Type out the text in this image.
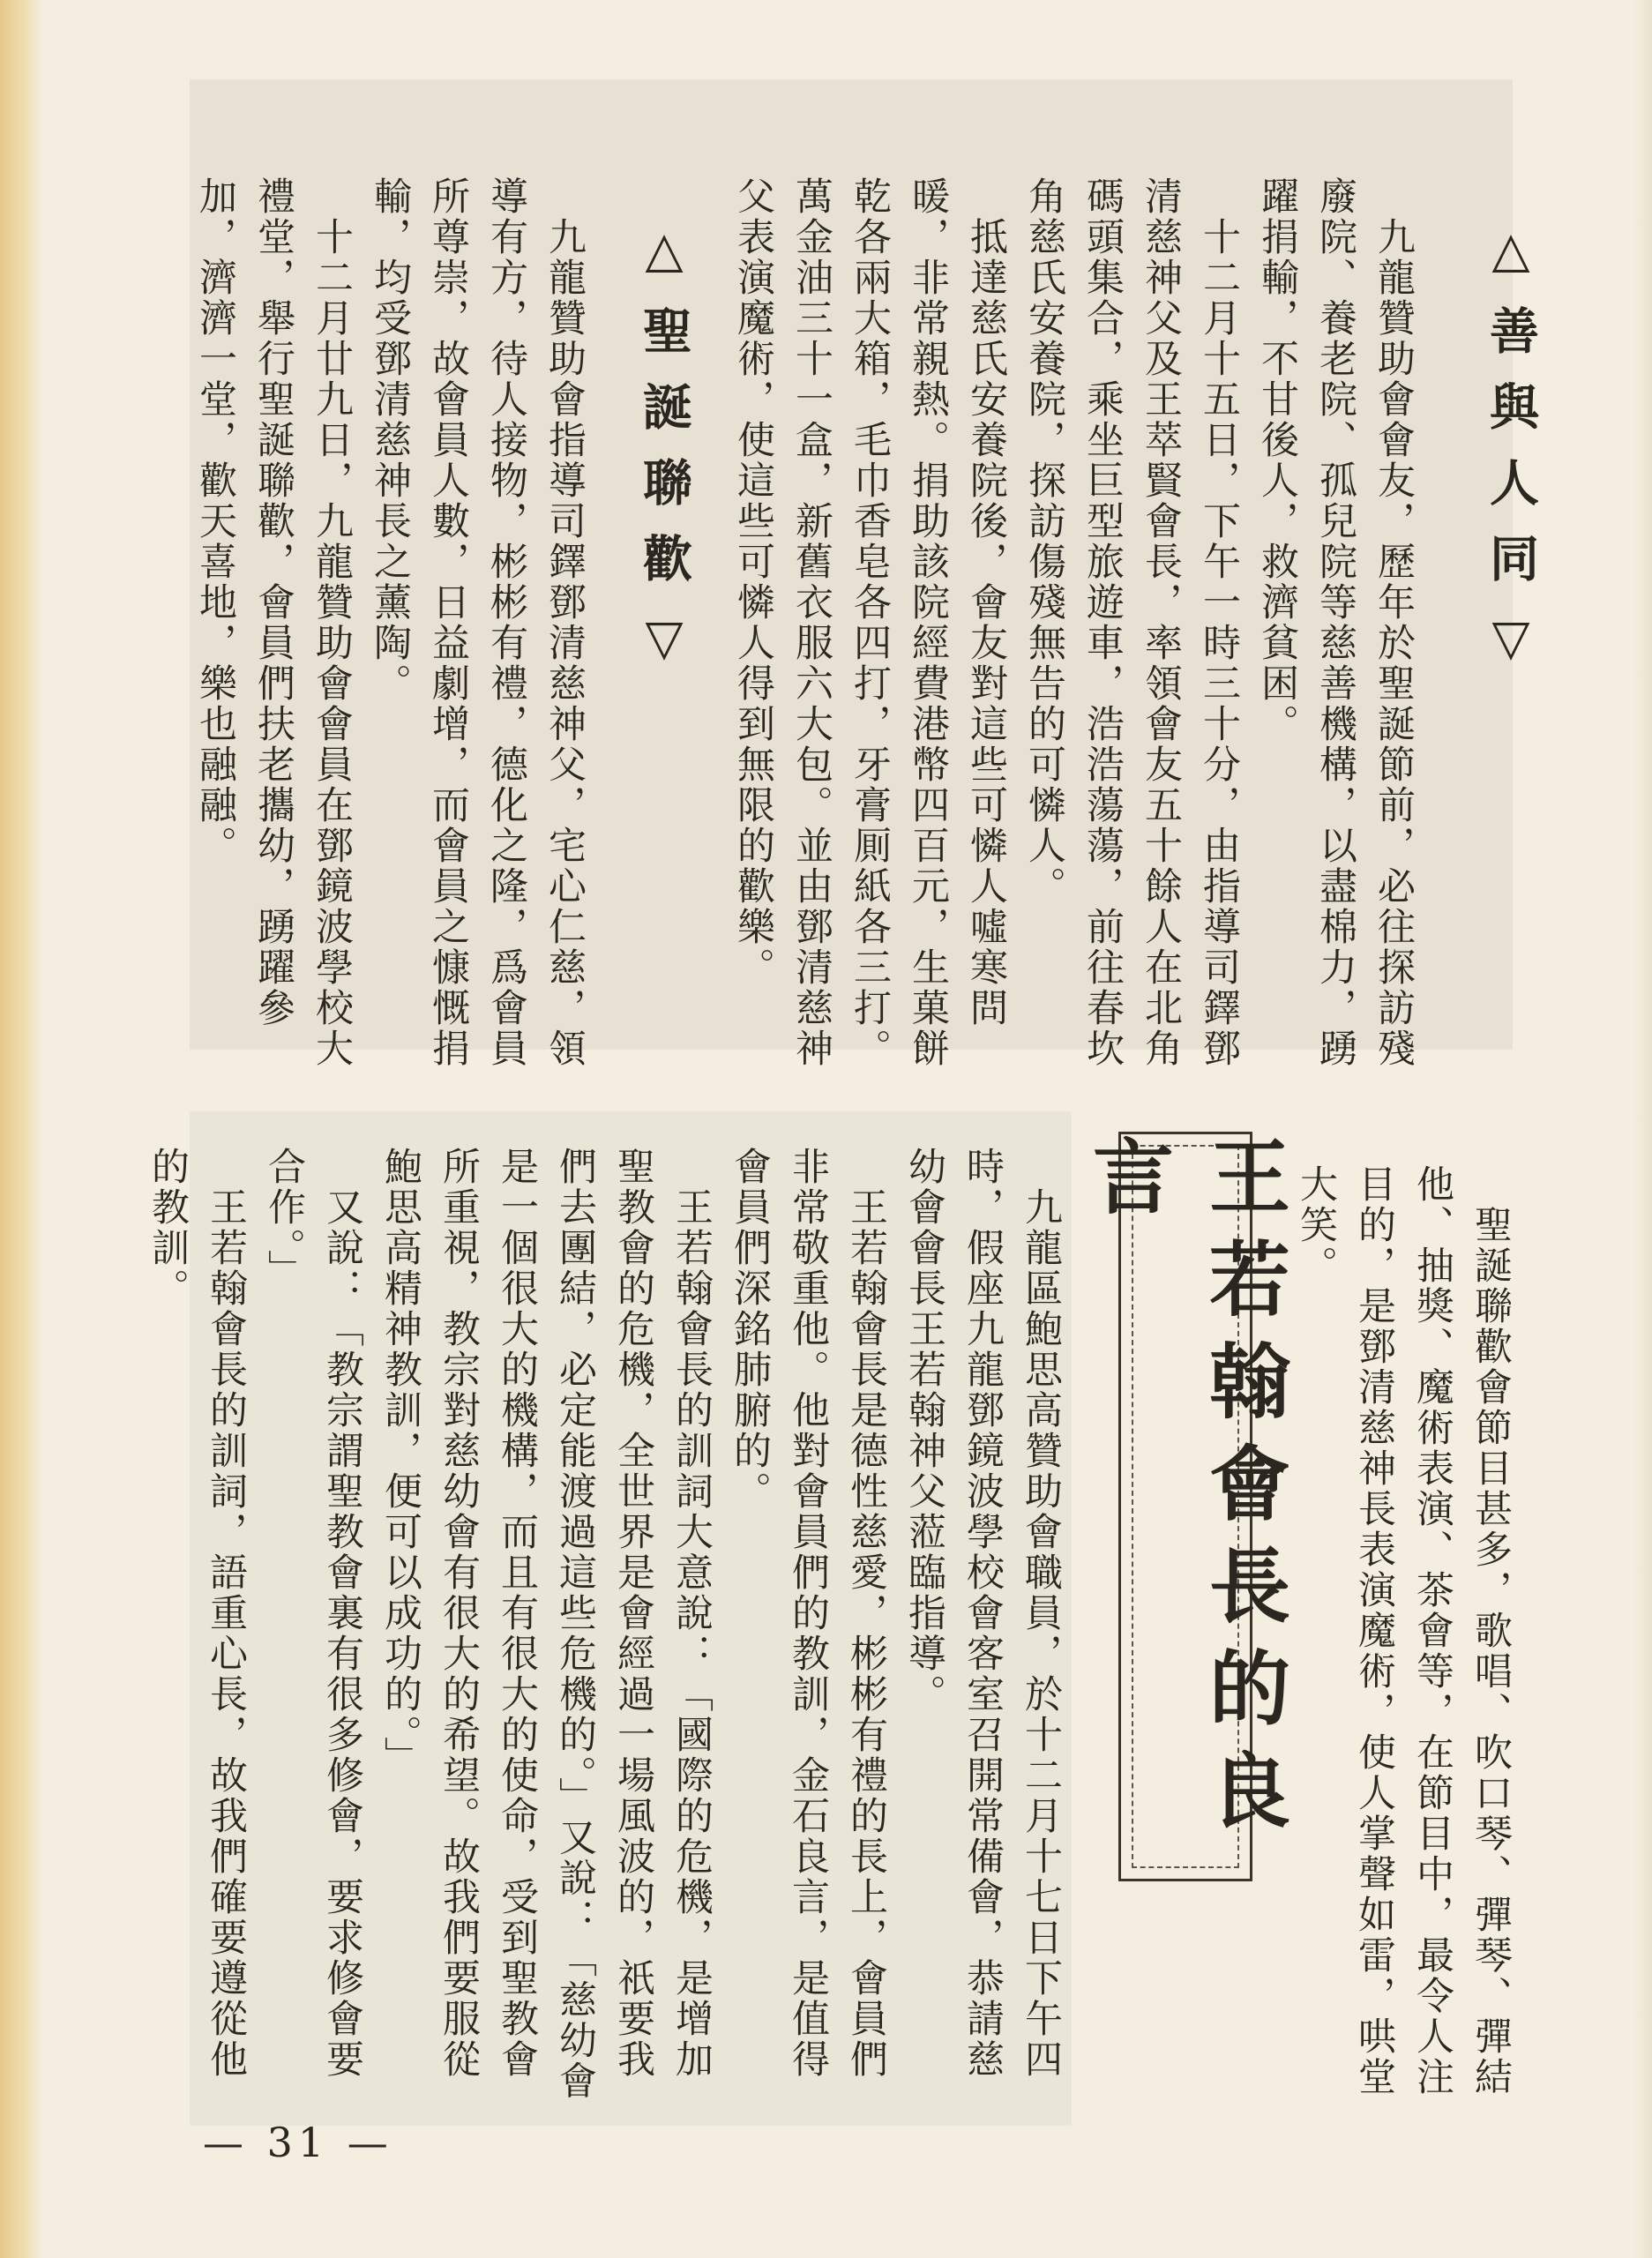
△善與人同▽
　九龍贊助會會友，歷年於聖誕節前，必往探訪殘廢院、養老院、孤兒院等慈善機構，以盡棉力，踴躍捐輸，不甘後人，救濟貧困。
　十二月十五日，下午一時三十分，由指導司鐸鄧清慈神父及王萃賢會長，率領會友五十餘人在北角碼頭集合，乘坐巨型旅遊車，浩浩蕩蕩，前往春坎角慈氏安養院，探訪傷殘無告的可憐人。
　抵達慈氏安養院後，會友對這些可憐人噓寒問暖，非常親熱。捐助該院經費港幣四百元，生菓餅乾各兩大箱，毛巾香皂各四打，牙膏厠紙各三打。萬金油三十一盒，新舊衣服六大包。並由鄧清慈神父表演魔術，使這些可憐人得到無限的歡樂。
△聖誕聯歡▽
　九龍贊助會指導司鐸鄧清慈神父，宅心仁慈，領導有方，待人接物，彬彬有禮，德化之隆，爲會員所尊崇，故會員人數，日益劇增，而會員之慷慨捐輸，均受鄧清慈神長之薰陶。
　十二月廿九日，九龍贊助會會員在鄧鏡波學校大禮堂，舉行聖誕聯歡，會員們扶老攜幼，踴躍參加，濟濟一堂，歡天喜地，樂也融融。
　聖誕聯歡會節目甚多，歌唱、吹口琴、彈琴、彈結他、抽獎、魔術表演、茶會等，在節目中，最令人注目的，是鄧清慈神長表演魔術，使人掌聲如雷，哄堂大笑。
王若翰會長的良言
　九龍區鮑思高贊助會職員，於十二月十七日下午四時，假座九龍鄧鏡波學校會客室召開常備會，恭請慈幼會會長王若翰神父蒞臨指導。
　王若翰會長是德性慈愛，彬彬有禮的長上，會員們非常敬重他。他對會員們的教訓，金石良言，是值得會員們深銘肺腑的。
　王若翰會長的訓詞大意說：「國際的危機，是增加聖教會的危機，全世界是會經過一場風波的，祇要我們去團結，必定能渡過這些危機的。」又說：「慈幼會是一個很大的機構，而且有很大的使命，受到聖教會所重視，教宗對慈幼會有很大的希望。故我們要服從鮑思高精神教訓，便可以成功的。」
　又說：「教宗謂聖教會裏有很多修會，要求修會要合作。」
　王若翰會長的訓詞，語重心長，故我們確要遵從他的教訓。
— 31 —
